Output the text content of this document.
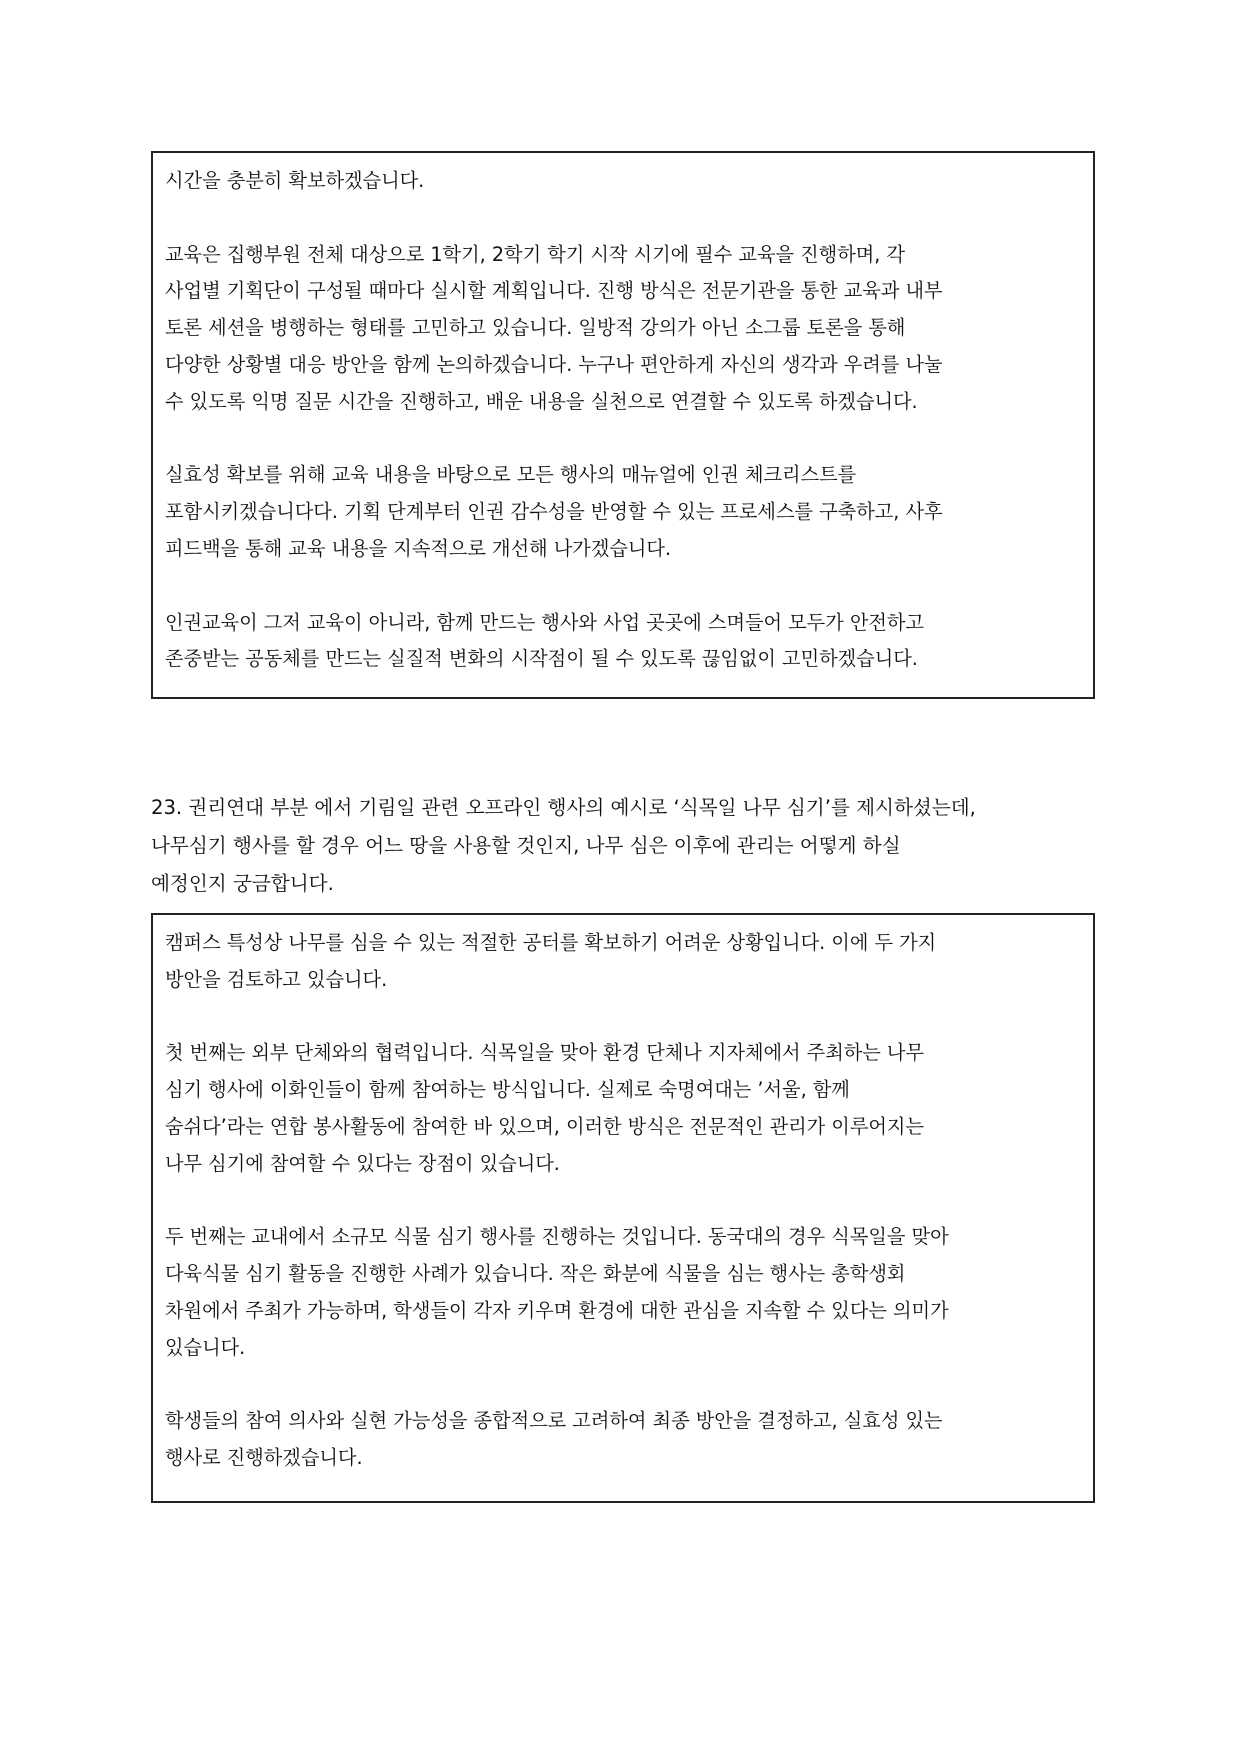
시간을 충분히 확보하겠습니다.

교육은 집행부원 전체 대상으로 1학기, 2학기 학기 시작 시기에 필수 교육을 진행하며, 각
사업별 기획단이 구성될 때마다 실시할 계획입니다. 진행 방식은 전문기관을 통한 교육과 내부
토론 세션을 병행하는 형태를 고민하고 있습니다. 일방적 강의가 아닌 소그룹 토론을 통해
다양한 상황별 대응 방안을 함께 논의하겠습니다. 누구나 편안하게 자신의 생각과 우려를 나눌
수 있도록 익명 질문 시간을 진행하고, 배운 내용을 실천으로 연결할 수 있도록 하겠습니다.

실효성 확보를 위해 교육 내용을 바탕으로 모든 행사의 매뉴얼에 인권 체크리스트를
포함시키겠습니다다. 기획 단계부터 인권 감수성을 반영할 수 있는 프로세스를 구축하고, 사후
피드백을 통해 교육 내용을 지속적으로 개선해 나가겠습니다.

인권교육이 그저 교육이 아니라, 함께 만드는 행사와 사업 곳곳에 스며들어 모두가 안전하고
존중받는 공동체를 만드는 실질적 변화의 시작점이 될 수 있도록 끊임없이 고민하겠습니다.

23. 권리연대 부분 에서 기림일 관련 오프라인 행사의 예시로 ‘식목일 나무 심기’를 제시하셨는데,
나무심기 행사를 할 경우 어느 땅을 사용할 것인지, 나무 심은 이후에 관리는 어떻게 하실
예정인지 궁금합니다.

캠퍼스 특성상 나무를 심을 수 있는 적절한 공터를 확보하기 어려운 상황입니다. 이에 두 가지
방안을 검토하고 있습니다.

첫 번째는 외부 단체와의 협력입니다. 식목일을 맞아 환경 단체나 지자체에서 주최하는 나무
심기 행사에 이화인들이 함께 참여하는 방식입니다. 실제로 숙명여대는 ’서울, 함께
숨쉬다’라는 연합 봉사활동에 참여한 바 있으며, 이러한 방식은 전문적인 관리가 이루어지는
나무 심기에 참여할 수 있다는 장점이 있습니다.

두 번째는 교내에서 소규모 식물 심기 행사를 진행하는 것입니다. 동국대의 경우 식목일을 맞아
다육식물 심기 활동을 진행한 사례가 있습니다. 작은 화분에 식물을 심는 행사는 총학생회
차원에서 주최가 가능하며, 학생들이 각자 키우며 환경에 대한 관심을 지속할 수 있다는 의미가
있습니다.

학생들의 참여 의사와 실현 가능성을 종합적으로 고려하여 최종 방안을 결정하고, 실효성 있는
행사로 진행하겠습니다.
